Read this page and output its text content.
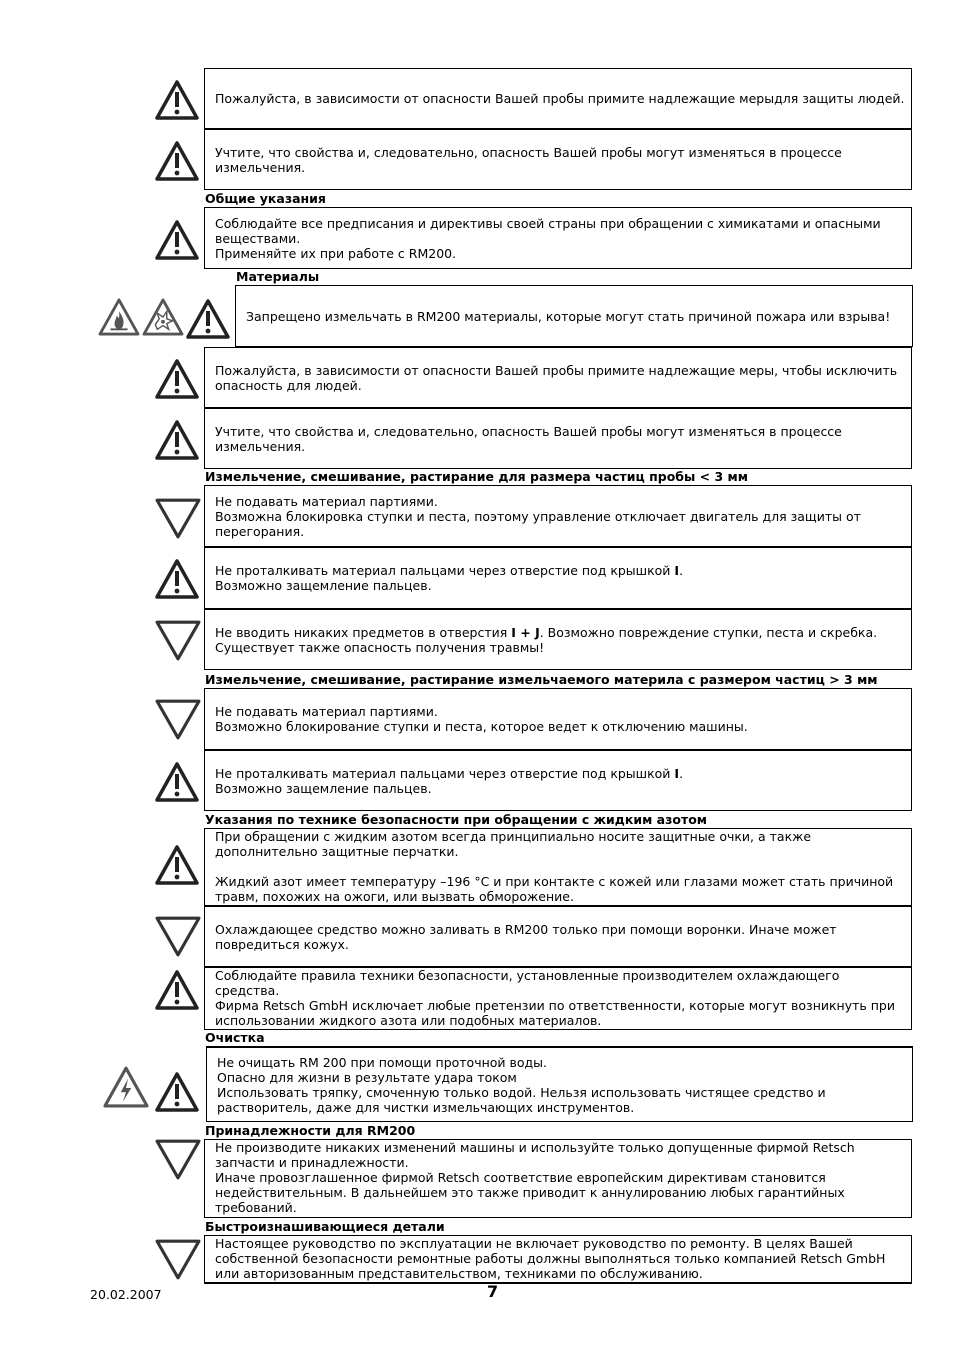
Пожалуйста, в зависимости от опасности Вашей пробы примите надлежащие мерыдля защиты людей.
Учтите, что свойства и, следовательно, опасность Вашей пробы могут изменяться в процессе измельчения.
Общие указания

Соблюдайте все предписания и директивы своей страны при обращении с химикатами и опасными веществами.

Применяйте их при работе с RM200.

Материалы
Запрещено измельчать в RM200 материалы, которые могут стать причиной пожара или взрыва!
Пожалуйста, в зависимости от опасности Вашей пробы примите надлежащие меры, чтобы исключить опасность для людей.
Учтите, что свойства и, следовательно, опасность Вашей пробы могут изменяться в процессе измельчения.
Измельчение, смешивание, растирание для размера частиц пробы < 3 мм

Не подавать материал партиями.

Возможна блокировка ступки и песта, поэтому управление отключает двигатель для защиты от перегорания.

Не проталкивать материал пальцами через отверстие под крышкой I.

Возможно защемление пальцев.

Не вводить никаких предметов в отверстия I + J. Возможно повреждение ступки, песта и скребка. Существует также опасность получения травмы!

Измельчение, смешивание, растирание измельчаемого материла с размером частиц > 3 мм

Не подавать материал партиями.

Возможно блокирование ступки и песта, которое ведет к отключению машины.

Не проталкивать материал пальцами через отверстие под крышкой I.

Возможно защемление пальцев.

Указания по технике безопасности при обращении с жидким азотом

При обращении с жидким азотом всегда принципиально носите защитные очки, а также дополнительно защитные перчатки.

Жидкий азот имеет температуру –196 °C и при контакте с кожей или глазами может стать причиной травм, похожих на ожоги, или вызвать обморожение.

Охлаждающее средство можно заливать в RM200 только при помощи воронки. Иначе может повредиться кожух.

Соблюдайте правила техники безопасности, установленные производителем охлаждающего средства.

Фирма Retsch GmbH исключает любые претензии по ответственности, которые могут возникнуть при использовании жидкого азота или подобных материалов.

Очистка

Не очищать RM 200 при помощи проточной воды.

Опасно для жизни в результате удара током

Использовать тряпку, смоченную только водой. Нельзя использовать чистящее средство и растворитель, даже для чистки измельчающих инструментов.

Принадлежности для RM200

Не производите никаких изменений машины и используйте только допущенные фирмой Retsch запчасти и принадлежности.

Иначе провозглашенное фирмой Retsch соответствие европейским директивам становится недействительным. В дальнейшем это также приводит к аннулированию любых гарантийных требований.

Быстроизнашивающиеся детали
Настоящее руководство по эксплуатации не включает руководство по ремонту. В целях Вашей собственной безопасности ремонтные работы должны выполняться только компанией Retsch GmbH или авторизованным представительством, техниками по обслуживанию.
20.02.2007	7
